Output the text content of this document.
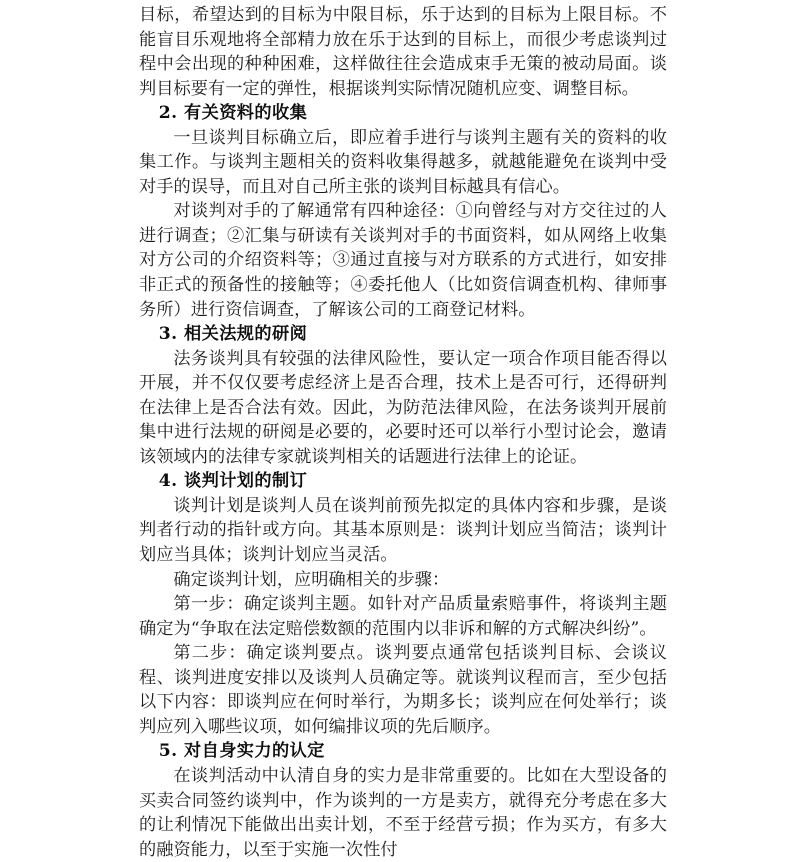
目标，希望达到的目标为中限目标，乐于达到的目标为上限目标。不能盲目乐观地将全部精力放在乐于达到的目标上，而很少考虑谈判过程中会出现的种种困难，这样做往往会造成束手无策的被动局面。谈判目标要有一定的弹性，根据谈判实际情况随机应变、调整目标。

2. 有关资料的收集

一旦谈判目标确立后，即应着手进行与谈判主题有关的资料的收集工作。与谈判主题相关的资料收集得越多，就越能避免在谈判中受对手的误导，而且对自己所主张的谈判目标越具有信心。

对谈判对手的了解通常有四种途径：①向曾经与对方交往过的人进行调查；②汇集与研读有关谈判对手的书面资料，如从网络上收集对方公司的介绍资料等；③通过直接与对方联系的方式进行，如安排非正式的预备性的接触等；④委托他人（比如资信调查机构、律师事务所）进行资信调查，了解该公司的工商登记材料。

3. 相关法规的研阅

法务谈判具有较强的法律风险性，要认定一项合作项目能否得以开展，并不仅仅要考虑经济上是否合理，技术上是否可行，还得研判在法律上是否合法有效。因此，为防范法律风险，在法务谈判开展前集中进行法规的研阅是必要的，必要时还可以举行小型讨论会，邀请该领域内的法律专家就谈判相关的话题进行法律上的论证。

4. 谈判计划的制订

谈判计划是谈判人员在谈判前预先拟定的具体内容和步骤，是谈判者行动的指针或方向。其基本原则是：谈判计划应当简洁；谈判计划应当具体；谈判计划应当灵活。

确定谈判计划，应明确相关的步骤：

第一步：确定谈判主题。如针对产品质量索赔事件，将谈判主题确定为“争取在法定赔偿数额的范围内以非诉和解的方式解决纠纷”。

第二步：确定谈判要点。谈判要点通常包括谈判目标、会谈议程、谈判进度安排以及谈判人员确定等。就谈判议程而言，至少包括以下内容：即谈判应在何时举行，为期多长；谈判应在何处举行；谈判应列入哪些议项，如何编排议项的先后顺序。

5. 对自身实力的认定

在谈判活动中认清自身的实力是非常重要的。比如在大型设备的买卖合同签约谈判中，作为谈判的一方是卖方，就得充分考虑在多大的让利情况下能做出出卖计划，不至于经营亏损；作为买方，有多大的融资能力，以至于实施一次性付
